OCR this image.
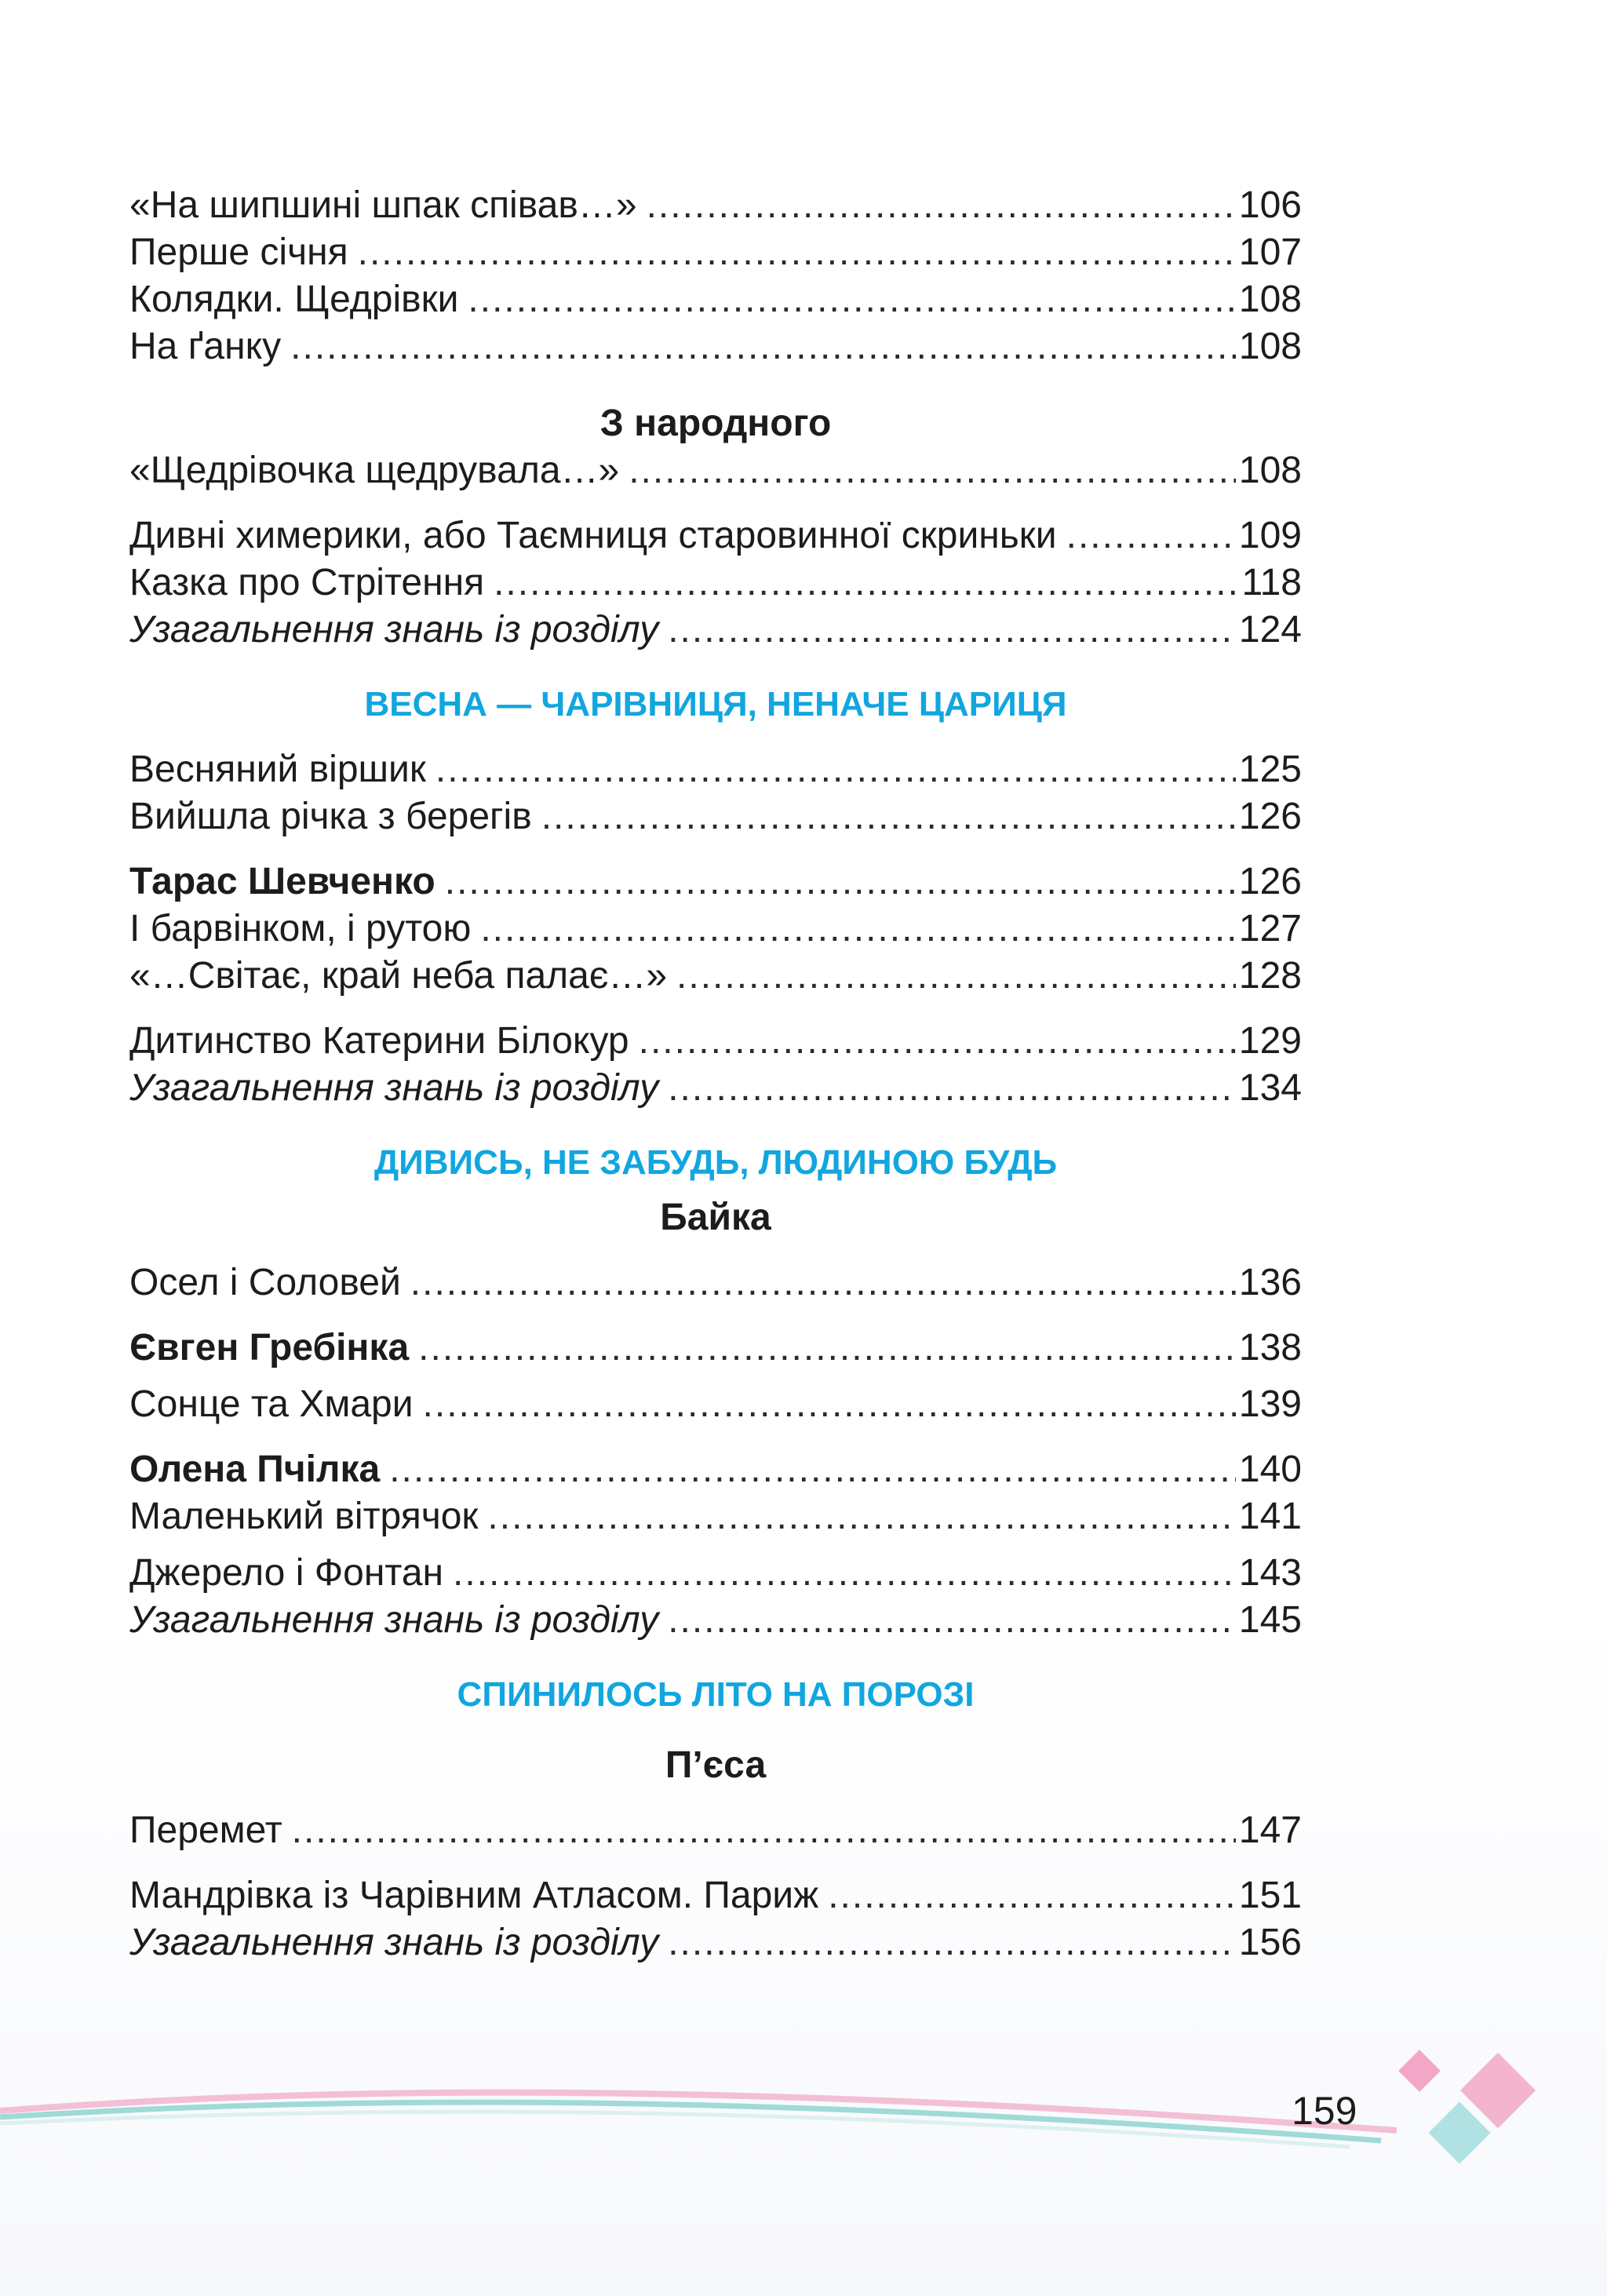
«На шипшині шпак співав…» .....	106
Перше січня .....	107
Колядки. Щедрівки .....	108
На ґанку .....	108
З народного
«Щедрівочка щедрувала…» .....	108
Дивні химерики, або Таємниця старовинної скриньки .....	109
Казка про Стрітення .....	118
Узагальнення знань із розділу .....	124
ВЕСНА — ЧАРІВНИЦЯ, НЕНАЧЕ ЦАРИЦЯ
Весняний віршик .....	125
Вийшла річка з берегів .....	126
Тарас Шевченко .....	126
І барвінком, і рутою .....	127
«…Світає, край неба палає…» .....	128
Дитинство Катерини Білокур .....	129
Узагальнення знань із розділу .....	134
ДИВИСЬ, НЕ ЗАБУДЬ, ЛЮДИНОЮ БУДЬ
Байка
Осел і Соловей .....	136
Євген Гребінка .....	138
Сонце та Хмари .....	139
Олена Пчілка .....	140
Маленький вітрячок .....	141
Джерело і Фонтан .....	143
Узагальнення знань із розділу .....	145
СПИНИЛОСЬ ЛІТО НА ПОРОЗІ
П’єса
Перемет .....	147
Мандрівка із Чарівним Атласом. Париж .....	151
Узагальнення знань із розділу .....	156
159
